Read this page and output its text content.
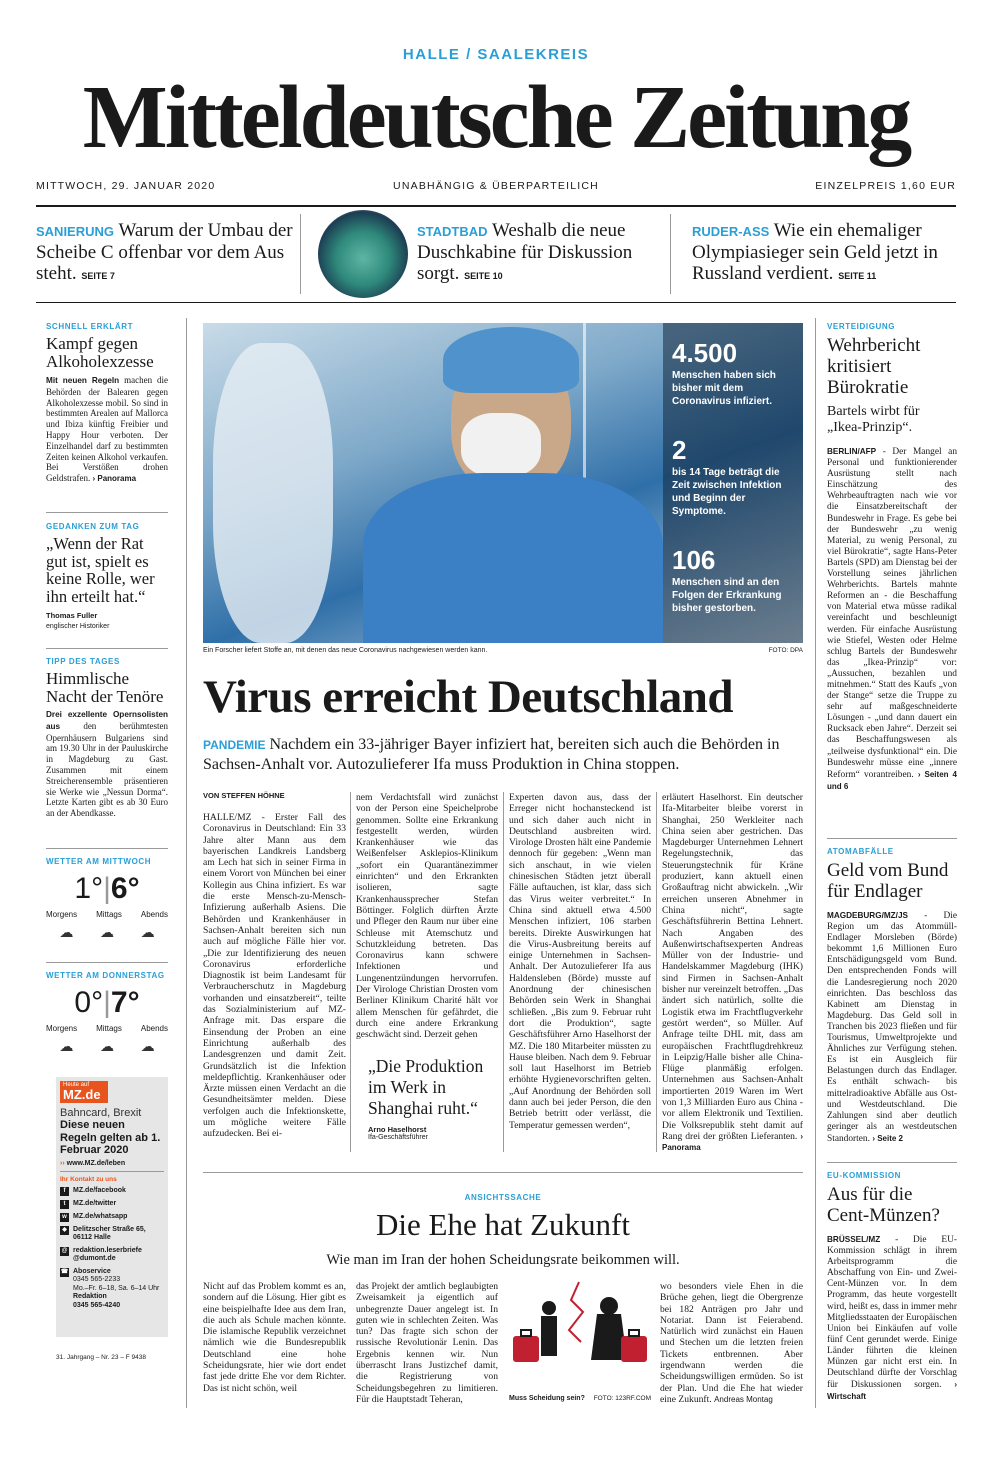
HALLE / SAALEKREIS
Mitteldeutsche Zeitung
MITTWOCH, 29. JANUAR 2020	UNABHÄNGIG & ÜBERPARTEILICH	EINZELPREIS 1,60 EUR
SANIERUNG Warum der Umbau der Scheibe C offenbar vor dem Aus steht. SEITE 7
STADTBAD Weshalb die neue Duschkabine für Diskussion sorgt. SEITE 10
RUDER-ASS Wie ein ehemaliger Olympiasieger sein Geld jetzt in Russland verdient. SEITE 11
SCHNELL ERKLÄRT
Kampf gegen Alkoholexzesse
Mit neuen Regeln machen die Behörden der Balearen gegen Alkoholexzesse mobil. So sind in bestimmten Arealen auf Mallorca und Ibiza künftig Freibier und Happy Hour verboten. Der Einzelhandel darf zu bestimmten Zeiten keinen Alkohol verkaufen. Bei Verstößen drohen Geldstrafen. › Panorama
GEDANKEN ZUM TAG
„Wenn der Rat gut ist, spielt es keine Rolle, wer ihn erteilt hat.“
Thomas Fuller
englischer Historiker
TIPP DES TAGES
Himmlische Nacht der Tenöre
Drei exzellente Opernsolisten aus	den berühmtesten Opernhäusern Bulgariens sind am 19.30 Uhr in der Pauluskirche in Magdeburg zu Gast. Zusammen mit einem Streicherensemble präsentieren sie Werke wie „Nessun Dorma“. Letzte Karten gibt es ab 30 Euro an der Abendkasse.
WETTER AM MITTWOCH
1°|6°
Morgens Mittags Abends
☁ ☁ ☁
WETTER AM DONNERSTAG
0°|7°
Morgens Mittags Abends
☁ ☁ ☁
Heute auf
MZ.de
Bahncard, Brexit
Diese neuen Regeln gelten ab 1. Februar 2020
›› www.MZ.de/leben
Ihr Kontakt zu uns
f	MZ.de/facebook
t	MZ.de/twitter
w MZ.de/whatsapp
◆ Delitzscher Straße 65, 06112 Halle
@ redaktion.leserbriefe @dumont.de
☎ Aboservice
0345 565-2233
Mo.–Fr. 6–18, Sa. 6–14 Uhr
Redaktion
0345 565-4240
31. Jahrgang – Nr. 23 – F 9438
4.500
Menschen haben sich bisher mit dem Coronavirus infiziert.
2
bis 14 Tage beträgt die Zeit zwischen Infektion und Beginn der Symptome.
106
Menschen sind an den Folgen der Erkrankung bisher gestorben.
Ein Forscher liefert Stoffe an, mit denen das neue Coronavirus nachgewiesen werden kann.	FOTO: DPA
Virus erreicht Deutschland
PANDEMIE Nachdem ein 33-jähriger Bayer infiziert hat, bereiten sich auch die Behörden in Sachsen-Anhalt vor. Autozulieferer Ifa muss Produktion in China stoppen.
VON STEFFEN HÖHNE
HALLE/MZ - Erster Fall des Coronavirus in Deutschland: Ein 33 Jahre alter Mann aus dem bayerischen Landkreis Landsberg am Lech hat sich in seiner Firma in einem Vorort von München bei einer Kollegin aus China infiziert. Es war die erste Mensch-zu-Mensch-Infizierung außerhalb Asiens. Die Behörden und Krankenhäuser in Sachsen-Anhalt bereiten sich nun auch auf mögliche Fälle hier vor. „Die zur Identifizierung des neuen Coronavirus erforderliche Diagnostik ist beim Landesamt für Verbraucherschutz in Magdeburg vorhanden und einsatzbereit“, teilte das Sozialministerium auf MZ-Anfrage mit. Das erspare die Einsendung der Proben an eine Einrichtung außerhalb des Landesgrenzen und damit Zeit. Grundsätzlich ist die Infektion meldepflichtig. Krankenhäuser oder Ärzte müssen einen Verdacht an die Gesundheitsämter melden. Diese verfolgen auch die Infektionskette, um mögliche weitere Fälle aufzudecken. Bei ei-
nem Verdachtsfall wird zunächst von der Person eine Speichelprobe genommen. Sollte eine Erkrankung festgestellt werden, würden Krankenhäuser wie das Weißenfelser Asklepios-Klinikum „sofort ein Quarantänezimmer einrichten“ und den Erkrankten isolieren, sagte Krankenhaussprecher Stefan Böttinger. Folglich dürften Ärzte und Pfleger den Raum nur über eine Schleuse mit Atemschutz und Schutzkleidung betreten. Das Coronavirus kann schwere Infektionen und Lungenentzündungen hervorrufen. Der Virologe Christian Drosten vom Berliner Klinikum Charité hält vor allem Menschen für gefährdet, die durch eine andere Erkrankung geschwächt sind. Derzeit gehen
„Die Produktion im Werk in Shanghai ruht.“
Arno Haselhorst
Ifa-Geschäftsführer
Experten davon aus, dass der Erreger nicht hochansteckend ist und sich daher auch nicht in Deutschland ausbreiten wird. Virologe Drosten hält eine Pandemie dennoch für gegeben: „Wenn man sich anschaut, in wie vielen chinesischen Städten jetzt überall Fälle auftauchen, ist klar, dass sich das Virus weiter verbreitet.“ In China sind aktuell etwa 4.500 Menschen infiziert, 106 starben bereits. Direkte Auswirkungen hat die Virus-Ausbreitung bereits auf einige Unternehmen in Sachsen-Anhalt. Der Autozulieferer Ifa aus Haldensleben (Börde) musste auf Anordnung der chinesischen Behörden sein Werk in Shanghai schließen. „Bis zum 9. Februar ruht dort die Produktion“, sagte Geschäftsführer Arno Haselhorst der MZ. Die 180 Mitarbeiter müssten zu Hause bleiben. Nach dem 9. Februar soll laut Haselhorst im Betrieb erhöhte Hygienevorschriften gelten. „Auf Anordnung der Behörden soll dann auch bei jeder Person, die den Betrieb betritt oder verlässt, die Temperatur gemessen werden“,
erläutert Haselhorst. Ein deutscher Ifa-Mitarbeiter bleibe vorerst in Shanghai, 250 Werkleiter nach China seien aber gestrichen. Das Magdeburger Unternehmen Lehnert Regelungstechnik, das Steuerungstechnik für Kräne produziert, kann aktuell einen Großauftrag nicht abwickeln. „Wir erreichen unseren Abnehmer in China nicht“, sagte Geschäftsführerin Bettina Lehnert. Nach Angaben des Außenwirtschaftsexperten Andreas Müller von der Industrie- und Handelskammer Magdeburg (IHK) sind Firmen in Sachsen-Anhalt bisher nur vereinzelt betroffen. „Das ändert sich natürlich, sollte die Logistik etwa im Frachtflugverkehr gestört werden“, so Müller. Auf Anfrage teilte DHL mit, dass am europäischen Frachtflugdrehkreuz in Leipzig/Halle bisher alle China-Flüge planmäßig erfolgen. Unternehmen aus Sachsen-Anhalt importierten 2019 Waren im Wert von 1,3 Milliarden Euro aus China - vor allem Elektronik und Textilien. Die Volksrepublik steht damit auf Rang drei der größten Lieferanten. › Panorama
ANSICHTSSACHE
Die Ehe hat Zukunft
Wie man im Iran der hohen Scheidungsrate beikommen will.
Nicht auf das Problem kommt es an, sondern auf die Lösung. Hier gibt es eine beispielhafte Idee aus dem Iran, die auch als Schule machen könnte. Die islamische Republik verzeichnet nämlich wie die Bundesrepublik Deutschland eine hohe Scheidungsrate, hier wie dort endet fast jede dritte Ehe vor dem Richter. Das ist nicht schön, weil
das Projekt der amtlich beglaubigten Zweisamkeit ja eigentlich auf unbegrenzte Dauer angelegt ist. In guten wie in schlechten Zeiten. Was tun? Das fragte sich schon der russische Revolutionär Lenin. Das Ergebnis kennen wir. Nun überrascht Irans Justizchef damit, die Registrierung von Scheidungsbegehren zu limitieren. Für die Hauptstadt Teheran,	Muss Scheidung sein? FOTO: 123RF.COM
wo besonders viele Ehen in die Brüche gehen, liegt die Obergrenze bei 182 Anträgen pro Jahr und Notariat. Dann ist Feierabend. Natürlich wird zunächst ein Hauen und Stechen um die letzten freien Tickets entbrennen. Aber irgendwann werden die Scheidungswilligen ermüden. So ist der Plan. Und die Ehe hat wieder eine Zukunft. Andreas Montag
VERTEIDIGUNG
Wehrbericht kritisiert Bürokratie
Bartels wirbt für „Ikea-Prinzip“.
BERLIN/AFP - Der Mangel an Personal und funktionierender Ausrüstung stellt nach Einschätzung des Wehrbeauftragten nach wie vor die Einsatzbereitschaft der Bundeswehr in Frage. Es gebe bei der Bundeswehr „zu wenig Material, zu wenig Personal, zu viel Bürokratie“, sagte Hans-Peter Bartels (SPD) am Dienstag bei der Vorstellung seines jährlichen Wehrberichts. Bartels mahnte Reformen an - die Beschaffung von Material etwa müsse radikal vereinfacht und beschleunigt werden. Für einfache Ausrüstung wie Stiefel, Westen oder Helme schlug Bartels der Bundeswehr das „Ikea-Prinzip“ vor: „Aussuchen, bezahlen und mitnehmen.“ Statt des Kaufs „von der Stange“ setze die Truppe zu sehr auf maßgeschneiderte Lösungen - „und dann dauert ein Rucksack eben Jahre“. Derzeit sei das Beschaffungswesen als „teilweise dysfunktional“ ein. Die Bundeswehr müsse eine „innere Reform“ vorantreiben. › Seiten 4 und 6
ATOMABFÄLLE
Geld vom Bund für Endlager
MAGDEBURG/MZ/JS - Die Region um das Atommüll-Endlager Morsleben (Börde) bekommt 1,6 Millionen Euro Entschädigungsgeld vom Bund. Den entsprechenden Fonds will die Landesregierung noch 2020 einrichten. Das beschloss das Kabinett am Dienstag in Magdeburg. Das Geld soll in Tranchen bis 2023 fließen und für Tourismus, Umweltprojekte und Ähnliches zur Verfügung stehen. Es ist ein Ausgleich für Belastungen durch das Endlager. Es enthält schwach- bis mittelradioaktive Abfälle aus Ost- und Westdeutschland. Die Zahlungen sind aber deutlich geringer als an westdeutschen Standorten. › Seite 2
EU-KOMMISSION
Aus für die Cent-Münzen?
BRÜSSEL/MZ - Die EU-Kommission schlägt in ihrem Arbeitsprogramm die Abschaffung von Ein- und Zwei-Cent-Münzen vor. In dem Programm, das heute vorgestellt wird, heißt es, dass in immer mehr Mitgliedsstaaten der Europäischen Union bei Einkäufen auf volle fünf Cent gerundet werde. Einige Länder führten die kleinen Münzen gar nicht erst ein. In Deutschland dürfte der Vorschlag für Diskussionen sorgen. › Wirtschaft
